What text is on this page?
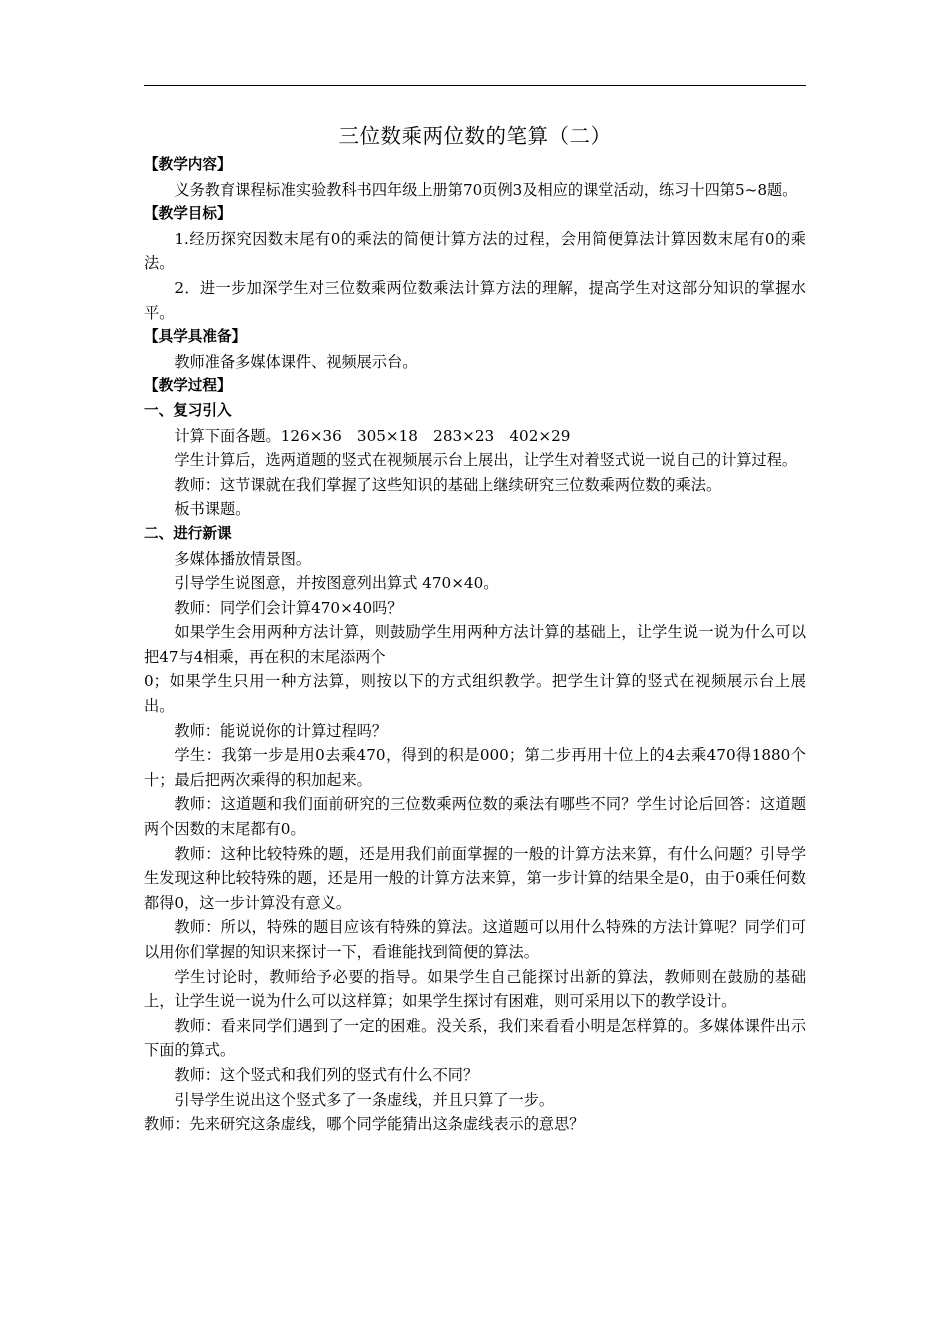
三位数乘两位数的笔算（二）

【教学内容】

义务教育课程标准实验教科书四年级上册第70页例3及相应的课堂活动，练习十四第5~8题。

【教学目标】

1.经历探究因数末尾有0的乘法的简便计算方法的过程，会用简便算法计算因数末尾有0的乘法。

2．进一步加深学生对三位数乘两位数乘法计算方法的理解，提高学生对这部分知识的掌握水平。

【具学具准备】

教师准备多媒体课件、视频展示台。

【教学过程】

一、复习引入

计算下面各题。126×36　305×18　283×23　402×29

学生计算后，选两道题的竖式在视频展示台上展出，让学生对着竖式说一说自己的计算过程。

教师：这节课就在我们掌握了这些知识的基础上继续研究三位数乘两位数的乘法。

板书课题。

二、进行新课

多媒体播放情景图。

引导学生说图意，并按图意列出算式 470×40。

教师：同学们会计算470×40吗？

如果学生会用两种方法计算，则鼓励学生用两种方法计算的基础上，让学生说一说为什么可以把47与4相乘，再在积的末尾添两个

0；如果学生只用一种方法算，则按以下的方式组织教学。把学生计算的竖式在视频展示台上展出。

教师：能说说你的计算过程吗？

学生：我第一步是用0去乘470，得到的积是000；第二步再用十位上的4去乘470得1880个十；最后把两次乘得的积加起来。

教师：这道题和我们面前研究的三位数乘两位数的乘法有哪些不同？学生讨论后回答：这道题两个因数的末尾都有0。

教师：这种比较特殊的题，还是用我们前面掌握的一般的计算方法来算，有什么问题？引导学生发现这种比较特殊的题，还是用一般的计算方法来算，第一步计算的结果全是0，由于0乘任何数都得0，这一步计算没有意义。

教师：所以，特殊的题目应该有特殊的算法。这道题可以用什么特殊的方法计算呢？同学们可以用你们掌握的知识来探讨一下，看谁能找到简便的算法。

学生讨论时，教师给予必要的指导。如果学生自己能探讨出新的算法，教师则在鼓励的基础上，让学生说一说为什么可以这样算；如果学生探讨有困难，则可采用以下的教学设计。

教师：看来同学们遇到了一定的困难。没关系，我们来看看小明是怎样算的。多媒体课件出示下面的算式。

教师：这个竖式和我们列的竖式有什么不同？

引导学生说出这个竖式多了一条虚线，并且只算了一步。

教师：先来研究这条虚线，哪个同学能猜出这条虚线表示的意思？
